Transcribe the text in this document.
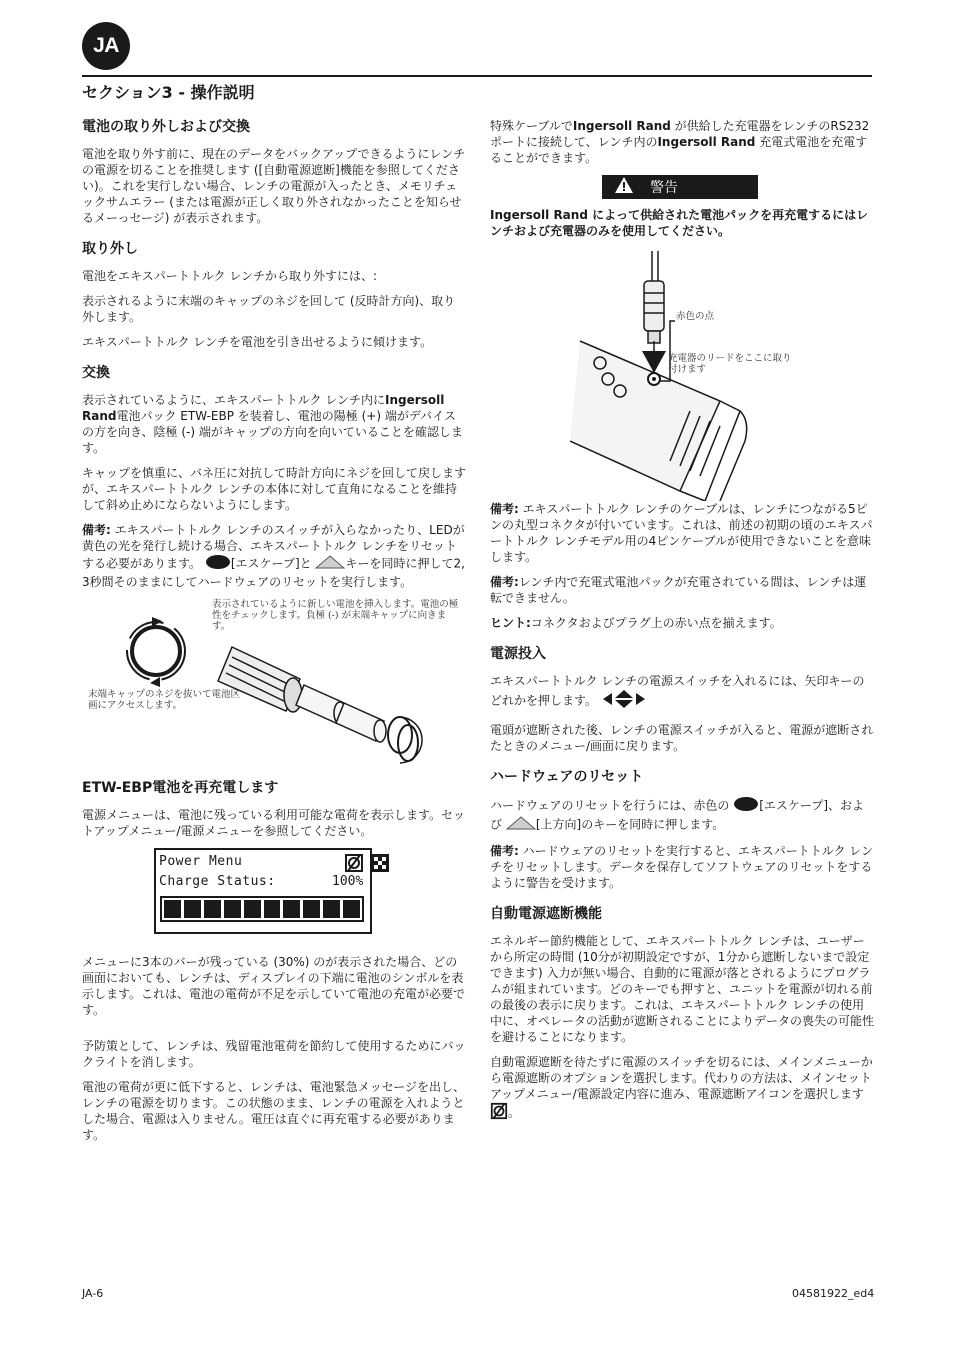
JA
セクション3 - 操作説明
電池の取り外しおよび交換

電池を取り外す前に、現在のデータをバックアップできるようにレンチの電源を切ることを推奨します ([自動電源遮断]機能を参照してください)。これを実行しない場合、レンチの電源が入ったとき、メモリチェックサムエラー (または電源が正しく取り外されなかったことを知らせるメーっセージ) が表示されます。

取り外し

電池をエキスパートトルク レンチから取り外すには、:

表示されるように末端のキャップのネジを回して (反時計方向)、取り外します。

エキスパートトルク レンチを電池を引き出せるように傾けます。

交換

表示されているように、エキスパートトルク レンチ内にIngersoll Rand電池パック ETW-EBP を装着し、電池の陽極 (+) 端がデバイスの方を向き、陰極 (-) 端がキャップの方向を向いていることを確認します。

キャップを慎重に、バネ圧に対抗して時計方向にネジを回して戻しますが、エキスパートトルク レンチの本体に対して直角になることを維持して斜め止めにならないようにします。

備考: エキスパートトルク レンチのスイッチが入らなかったり、LEDが黄色の光を発行し続ける場合、エキスパートトルク レンチをリセットする必要があります。 [エスケープ]と	キーを同時に押して2, 3秒間そのままにしてハードウェアのリセットを実行します。

表示されているように新しい電池を挿入します。電池の極性をチェックします。負極 (-) が末端キャップに向きます。
末端キャップのネジを抜いて電池区画にアクセスします。
ETW-EBP電池を再充電します

電源メニューは、電池に残っている利用可能な電荷を表示します。セットアップメニュー/電源メニューを参照してください。

Power Menu
Charge Status:	100%

メニューに3本のバーが残っている (30%) のが表示された場合、どの画面においても、レンチは、ディスプレイの下端に電池のシンボルを表示します。これは、電池の電荷が不足を示していて電池の充電が必要です。

予防策として、レンチは、残留電池電荷を節約して使用するためにバックライトを消します。

電池の電荷が更に低下すると、レンチは、電池緊急メッセージを出し、レンチの電源を切ります。この状態のまま、レンチの電源を入れようとした場合、電源は入りません。電圧は直ぐに再充電する必要があります。

特殊ケーブルでIngersoll Rand が供給した充電器をレンチのRS232ポートに接続して、レンチ内のIngersoll Rand 充電式電池を充電することができます。

警告
Ingersoll Rand によって供給された電池パックを再充電するにはレンチおよび充電器のみを使用してください。
赤色の点
充電器のリードをここに取り付けます

備考: エキスパートトルク レンチのケーブルは、レンチにつながる5ピンの丸型コネクタが付いています。これは、前述の初期の頃のエキスパートトルク レンチモデル用の4ピンケーブルが使用できないことを意味します。

備考:レンチ内で充電式電池パックが充電されている間は、レンチは運転できません。

ヒント:コネクタおよびプラグ上の赤い点を揃えます。

電源投入

エキスパートトルク レンチの電源スイッチを入れるには、矢印キーのどれかを押します。

電頭が遮断された後、レンチの電源スイッチが入ると、電源が遮断されたときのメニュー/画面に戻ります。

ハードウェアのリセット

ハードウェアのリセットを行うには、赤色の [エスケープ]、および	[上方向]のキーを同時に押します。

備考: ハードウェアのリセットを実行すると、エキスパートトルク レンチをリセットします。データを保存してソフトウェアのリセットをするように警告を受けます。

自動電源遮断機能

エネルギー節約機能として、エキスパートトルク レンチは、ユーザーから所定の時間 (10分が初期設定ですが、1分から遮断しないまで設定できます) 入力が無い場合、自動的に電源が落とされるようにプログラムが組まれています。どのキーでも押すと、ユニットを電源が切れる前の最後の表示に戻ります。これは、エキスパートトルク レンチの使用中に、オペレータの活動が遮断されることによりデータの喪失の可能性を避けることになります。

自動電源遮断を待たずに電源のスイッチを切るには、メインメニューから電源遮断のオプションを選択します。代わりの方法は、メインセットアップメニュー/電源設定内容に進み、電源遮断アイコンを選択します 。

JA-6	04581922_ed4
